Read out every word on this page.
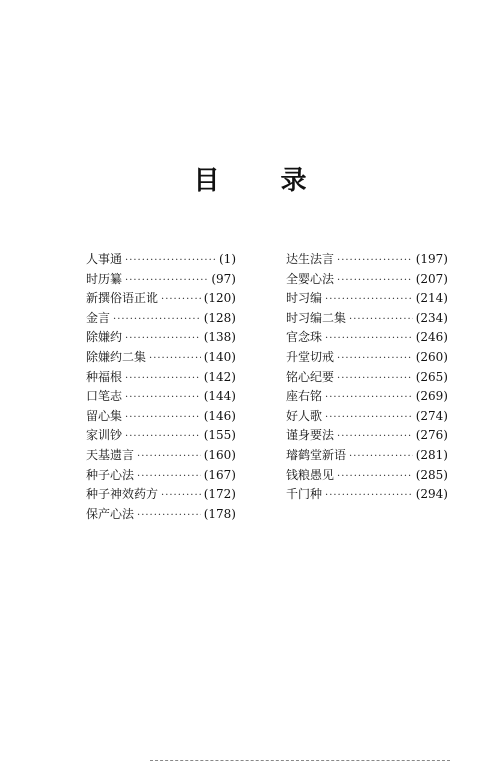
目 录
人事通 ·····	(1)
时历纂 ·····	(97)
新撰俗语正讹 ·····	(120)
金言 ·····	(128)
除嫌约 ·····	(138)
除嫌约二集 ·····	(140)
种福根 ·····	(142)
口笔志 ·····	(144)
留心集 ·····	(146)
家训钞 ·····	(155)
天基遗言 ·····	(160)
种子心法 ·····	(167)
种子神效药方 ·····	(172)
保产心法 ·····	(178)
达生法言 ·····	(197)
全婴心法 ·····	(207)
时习编 ·····	(214)
时习编二集 ·····	(234)
官念珠 ·····	(246)
升堂切戒 ·····	(260)
铭心纪要 ·····	(265)
座右铭 ·····	(269)
好人歌 ·····	(274)
谨身要法 ·····	(276)
璿鹤堂新语 ·····	(281)
钱粮愚见 ·····	(285)
千门种 ·····	(294)
